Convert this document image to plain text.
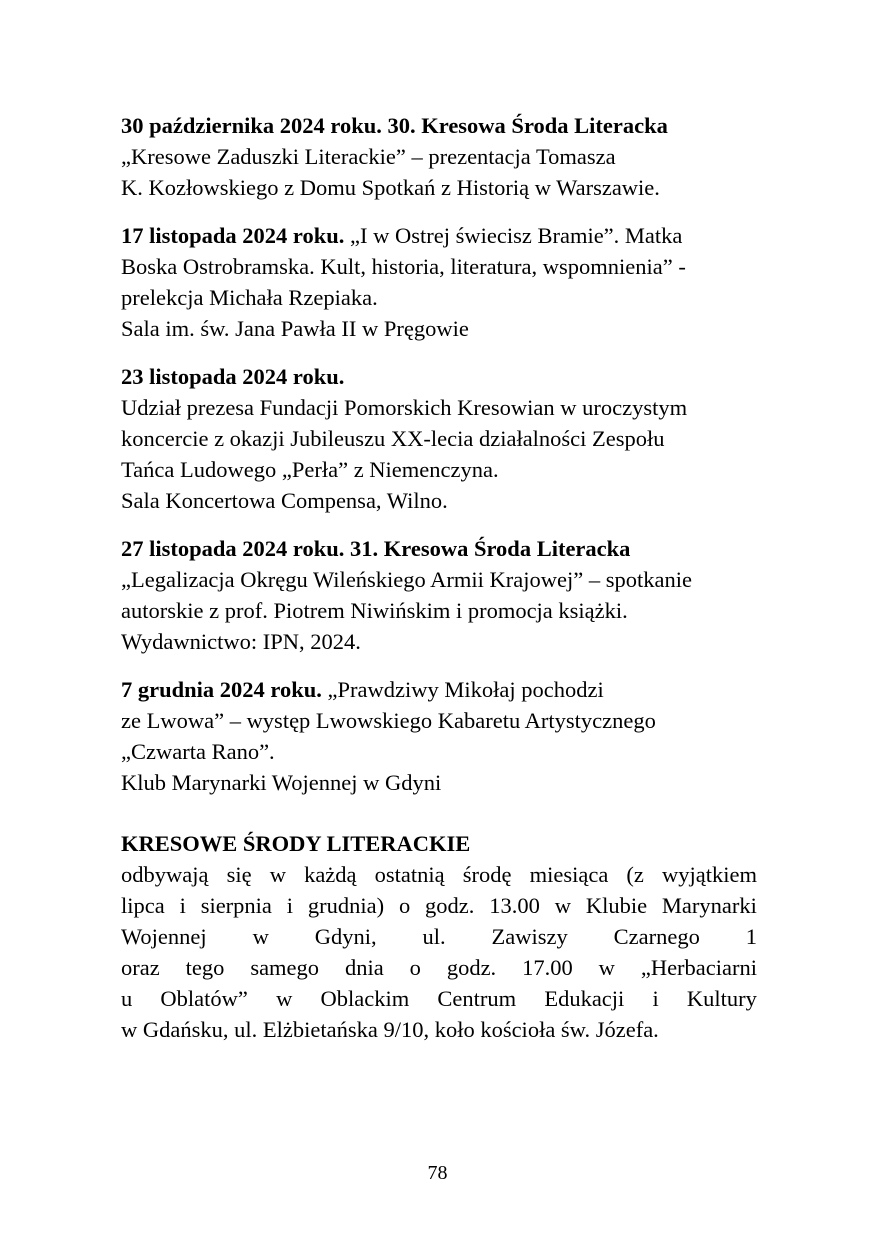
30 października 2024 roku. 30. Kresowa Środa Literacka
„Kresowe Zaduszki Literackie” – prezentacja Tomasza
K. Kozłowskiego z Domu Spotkań z Historią w Warszawie.
17 listopada 2024 roku. „I w Ostrej świecisz Bramie”. Matka
Boska Ostrobramska. Kult, historia, literatura, wspomnienia” -
prelekcja Michała Rzepiaka.
Sala im. św. Jana Pawła II w Pręgowie
23 listopada 2024 roku.
Udział prezesa Fundacji Pomorskich Kresowian w uroczystym
koncercie z okazji Jubileuszu XX-lecia działalności Zespołu
Tańca Ludowego „Perła” z Niemenczyna.
Sala Koncertowa Compensa, Wilno.
27 listopada 2024 roku. 31. Kresowa Środa Literacka
„Legalizacja Okręgu Wileńskiego Armii Krajowej” – spotkanie
autorskie z prof. Piotrem Niwińskim i promocja książki.
Wydawnictwo: IPN, 2024.
7 grudnia 2024 roku. „Prawdziwy Mikołaj pochodzi
ze Lwowa” – występ Lwowskiego Kabaretu Artystycznego
„Czwarta Rano”.
Klub Marynarki Wojennej w Gdyni
KRESOWE ŚRODY LITERACKIE
odbywają się w każdą ostatnią środę miesiąca (z wyjątkiem
lipca i sierpnia i grudnia) o godz. 13.00 w Klubie Marynarki
Wojennej w Gdyni, ul. Zawiszy Czarnego 1
oraz tego samego dnia o godz. 17.00 w „Herbaciarni
u Oblatów” w Oblackim Centrum Edukacji i Kultury
w Gdańsku, ul. Elżbietańska 9/10, koło kościoła św. Józefa.
78
